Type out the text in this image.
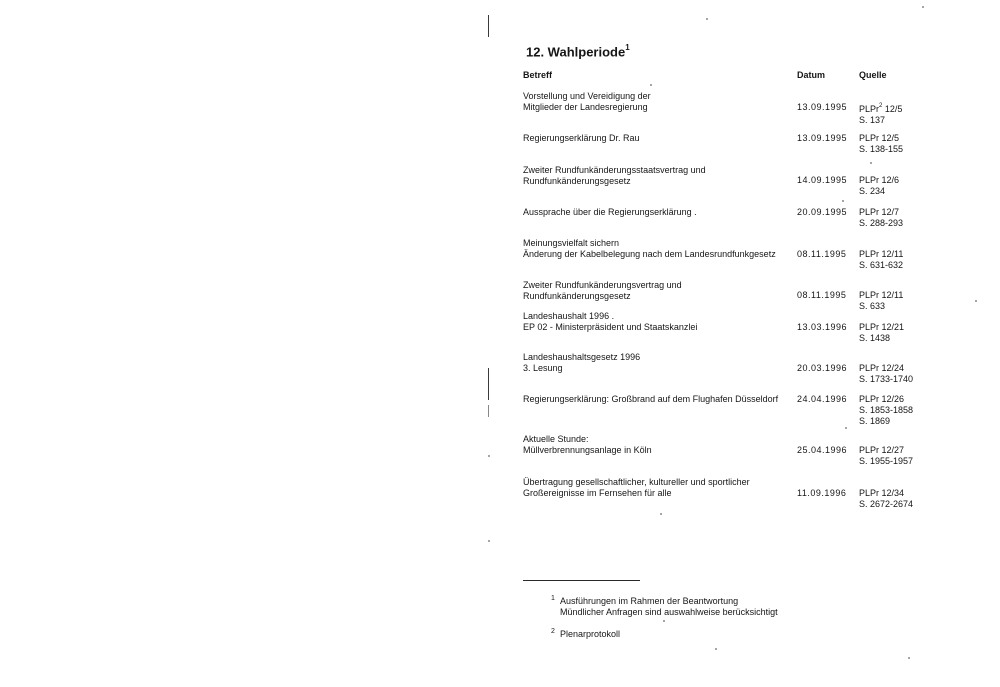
12. Wahlperiode$^1$
Betreff	Datum	Quelle
Vorstellung und Vereidigung der
Mitglieder der Landesregierung	13.09.1995 PLPr$^2$ 12/5
S. 137
Regierungserklärung Dr. Rau	13.09.1995 PLPr 12/5
S. 138-155
Zweiter Rundfunkänderungsstaatsvertrag und
Rundfunkänderungsgesetz	14.09.1995 PLPr 12/6
S. 234
Aussprache über die Regierungserklärung .	20.09.1995 PLPr 12/7
S. 288-293
Meinungsvielfalt sichern
Änderung der Kabelbelegung nach dem Landesrundfunkgesetz 08.11.1995 PLPr 12/11
S. 631-632
Zweiter Rundfunkänderungsvertrag und
Rundfunkänderungsgesetz	08.11.1995 PLPr 12/11
S. 633
Landeshaushalt 1996 .
EP 02 - Ministerpräsident und Staatskanzlei	13.03.1996 PLPr 12/21
S. 1438
Landeshaushaltsgesetz 1996
3. Lesung	20.03.1996 PLPr 12/24
S. 1733-1740
Regierungserklärung: Großbrand auf dem Flughafen Düsseldorf 24.04.1996 PLPr 12/26
S. 1853-1858
S. 1869
Aktuelle Stunde:
Müllverbrennungsanlage in Köln	25.04.1996 PLPr 12/27
S. 1955-1957
Übertragung gesellschaftlicher, kultureller und sportlicher
Großereignisse im Fernsehen für alle	11.09.1996 PLPr 12/34
S. 2672-2674
1 Ausführungen im Rahmen der Beantwortung
Mündlicher Anfragen sind auswahlweise berücksichtigt
2 Plenarprotokoll
